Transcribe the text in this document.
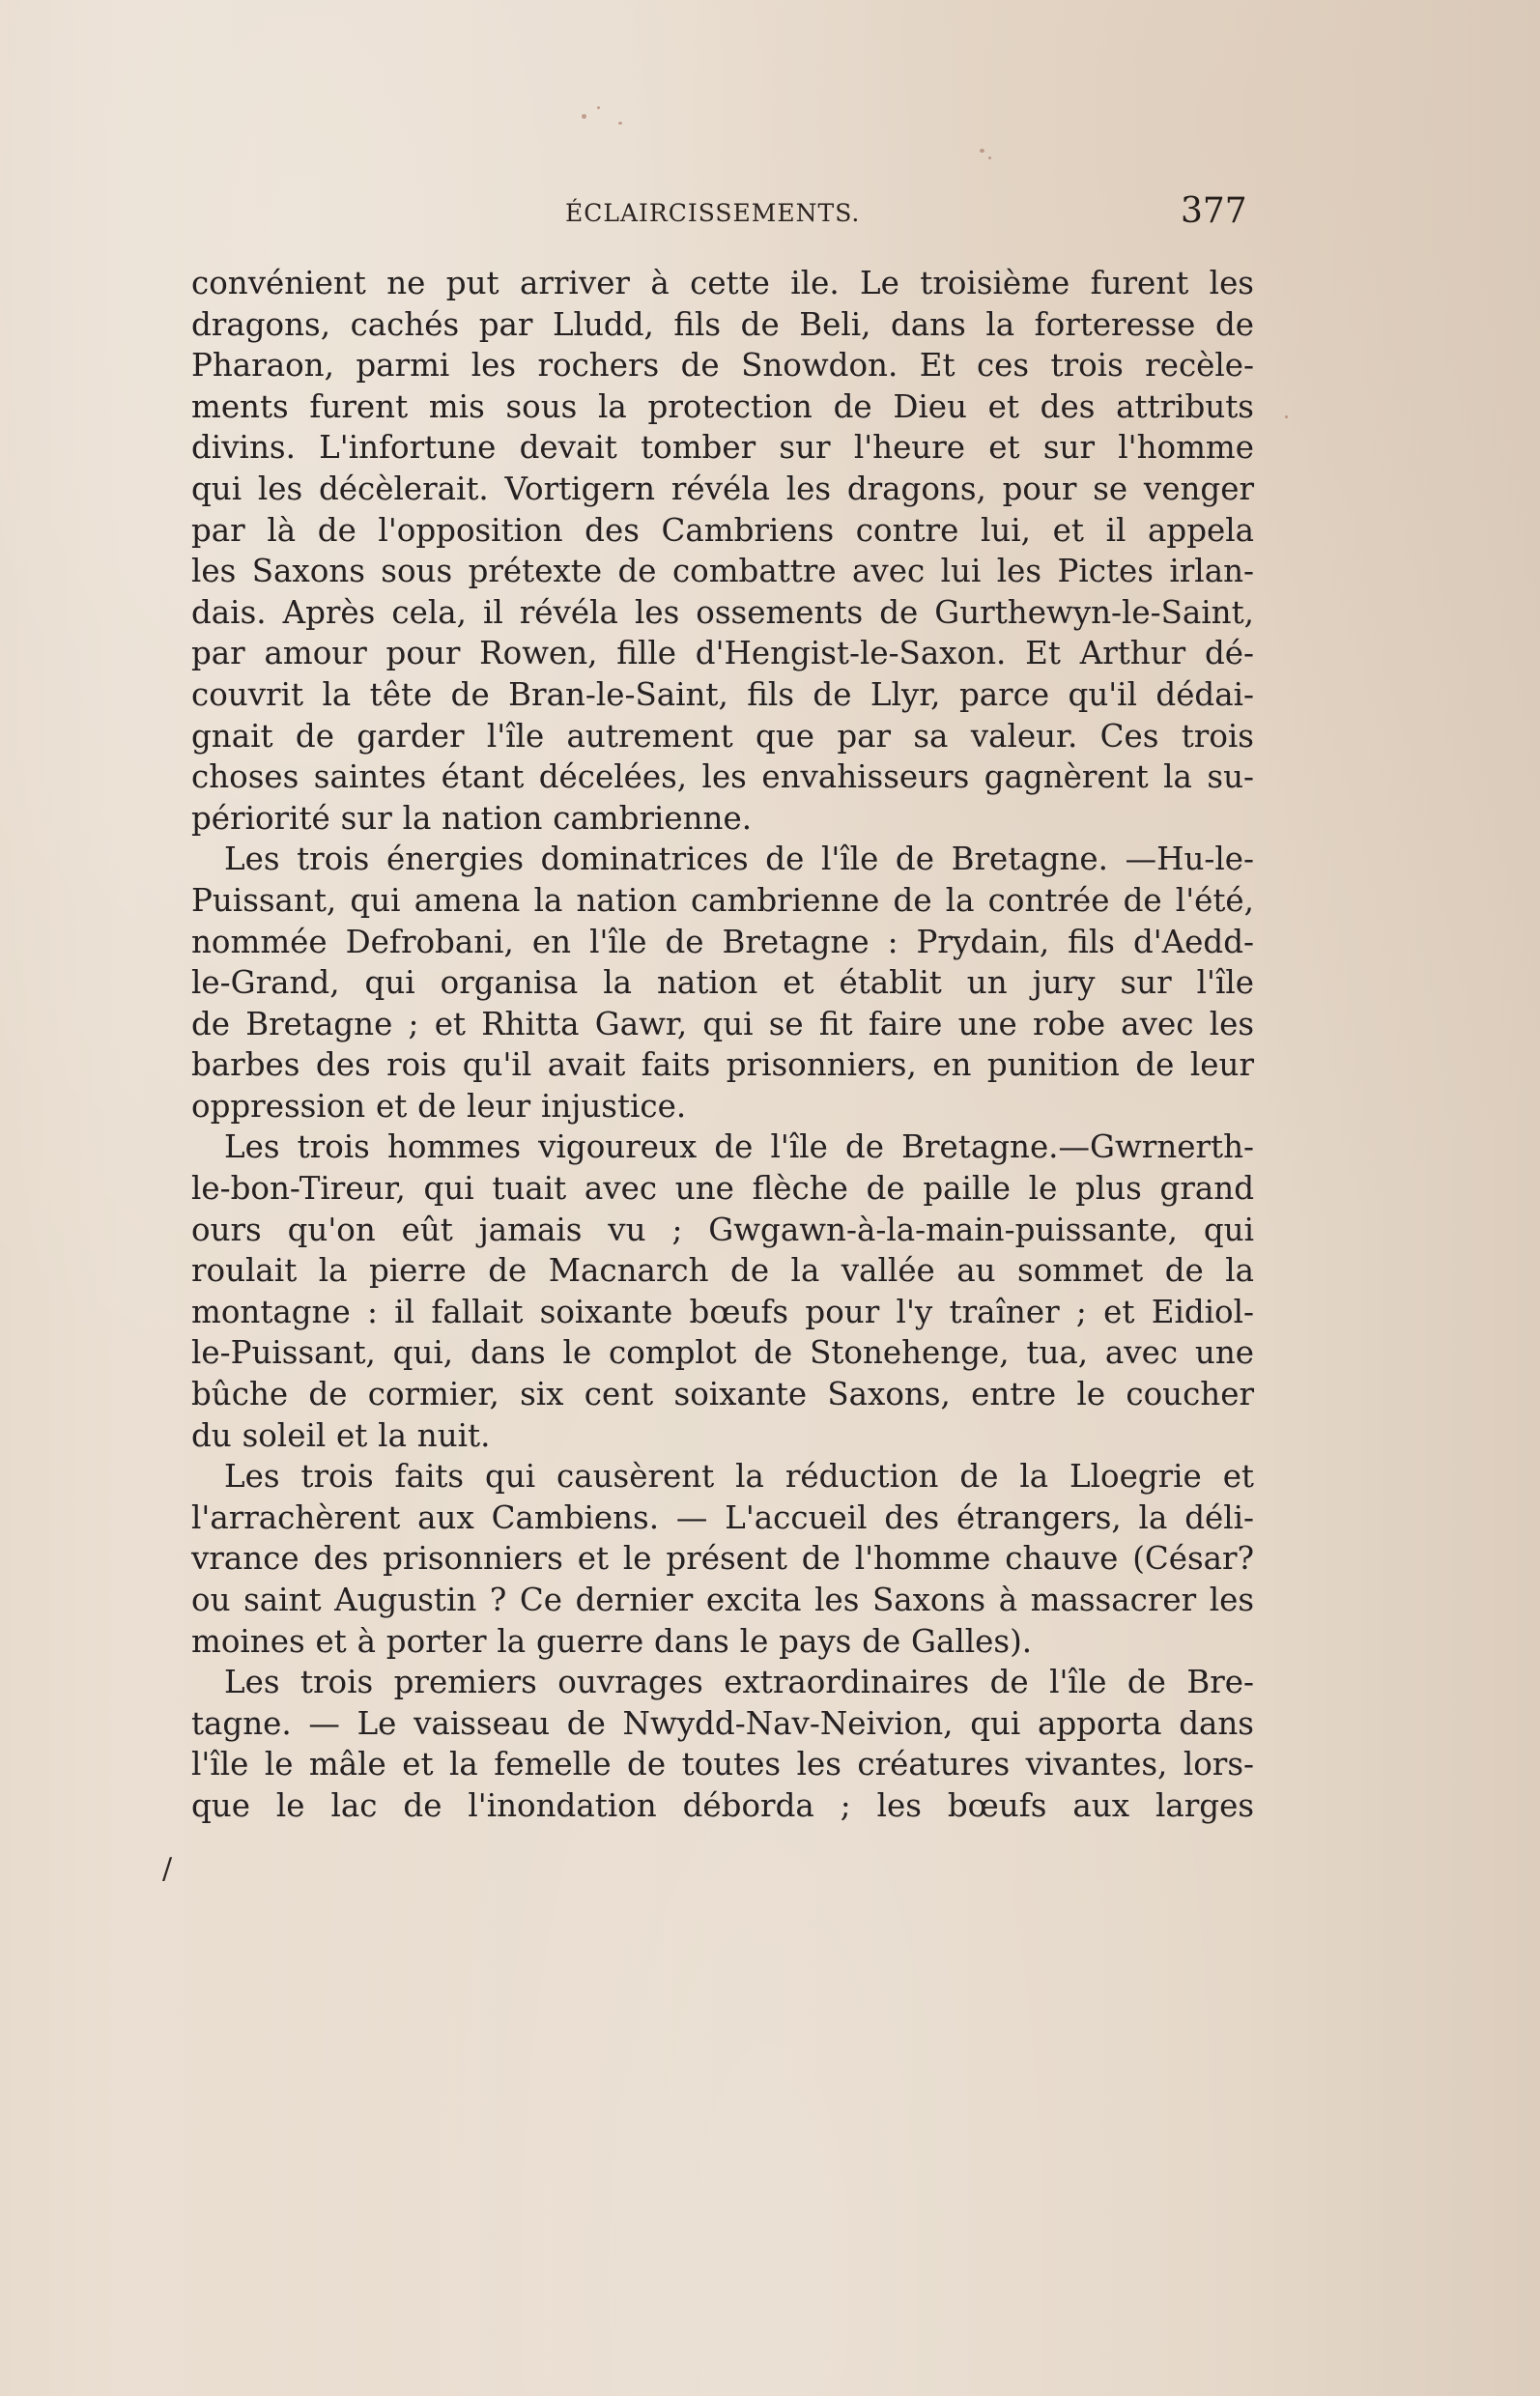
ÉCLAIRCISSEMENTS.	377
convénient ne put arriver à cette ile. Le troisième furent les
dragons, cachés par Lludd, fils de Beli, dans la forteresse de
Pharaon, parmi les rochers de Snowdon. Et ces trois recèle-
ments furent mis sous la protection de Dieu et des attributs
divins. L'infortune devait tomber sur l'heure et sur l'homme
qui les décèlerait. Vortigern révéla les dragons, pour se venger
par là de l'opposition des Cambriens contre lui, et il appela
les Saxons sous prétexte de combattre avec lui les Pictes irlan-
dais. Après cela, il révéla les ossements de Gurthewyn-le-Saint,
par amour pour Rowen, fille d'Hengist-le-Saxon. Et Arthur dé-
couvrit la tête de Bran-le-Saint, fils de Llyr, parce qu'il dédai-
gnait de garder l'île autrement que par sa valeur. Ces trois
choses saintes étant décelées, les envahisseurs gagnèrent la su-
périorité sur la nation cambrienne.
Les trois énergies dominatrices de l'île de Bretagne. —Hu-le-
Puissant, qui amena la nation cambrienne de la contrée de l'été,
nommée Defrobani, en l'île de Bretagne : Prydain, fils d'Aedd-
le-Grand, qui organisa la nation et établit un jury sur l'île
de Bretagne ; et Rhitta Gawr, qui se fit faire une robe avec les
barbes des rois qu'il avait faits prisonniers, en punition de leur
oppression et de leur injustice.
Les trois hommes vigoureux de l'île de Bretagne.—Gwrnerth-
le-bon-Tireur, qui tuait avec une flèche de paille le plus grand
ours qu'on eût jamais vu ; Gwgawn-à-la-main-puissante, qui
roulait la pierre de Macnarch de la vallée au sommet de la
montagne : il fallait soixante bœufs pour l'y traîner ; et Eidiol-
le-Puissant, qui, dans le complot de Stonehenge, tua, avec une
bûche de cormier, six cent soixante Saxons, entre le coucher
du soleil et la nuit.
Les trois faits qui causèrent la réduction de la Lloegrie et
l'arrachèrent aux Cambiens. — L'accueil des étrangers, la déli-
vrance des prisonniers et le présent de l'homme chauve (César?
ou saint Augustin ? Ce dernier excita les Saxons à massacrer les
moines et à porter la guerre dans le pays de Galles).
Les trois premiers ouvrages extraordinaires de l'île de Bre-
tagne. — Le vaisseau de Nwydd-Nav-Neivion, qui apporta dans
l'île le mâle et la femelle de toutes les créatures vivantes, lors-
que le lac de l'inondation déborda ; les bœufs aux larges
/
